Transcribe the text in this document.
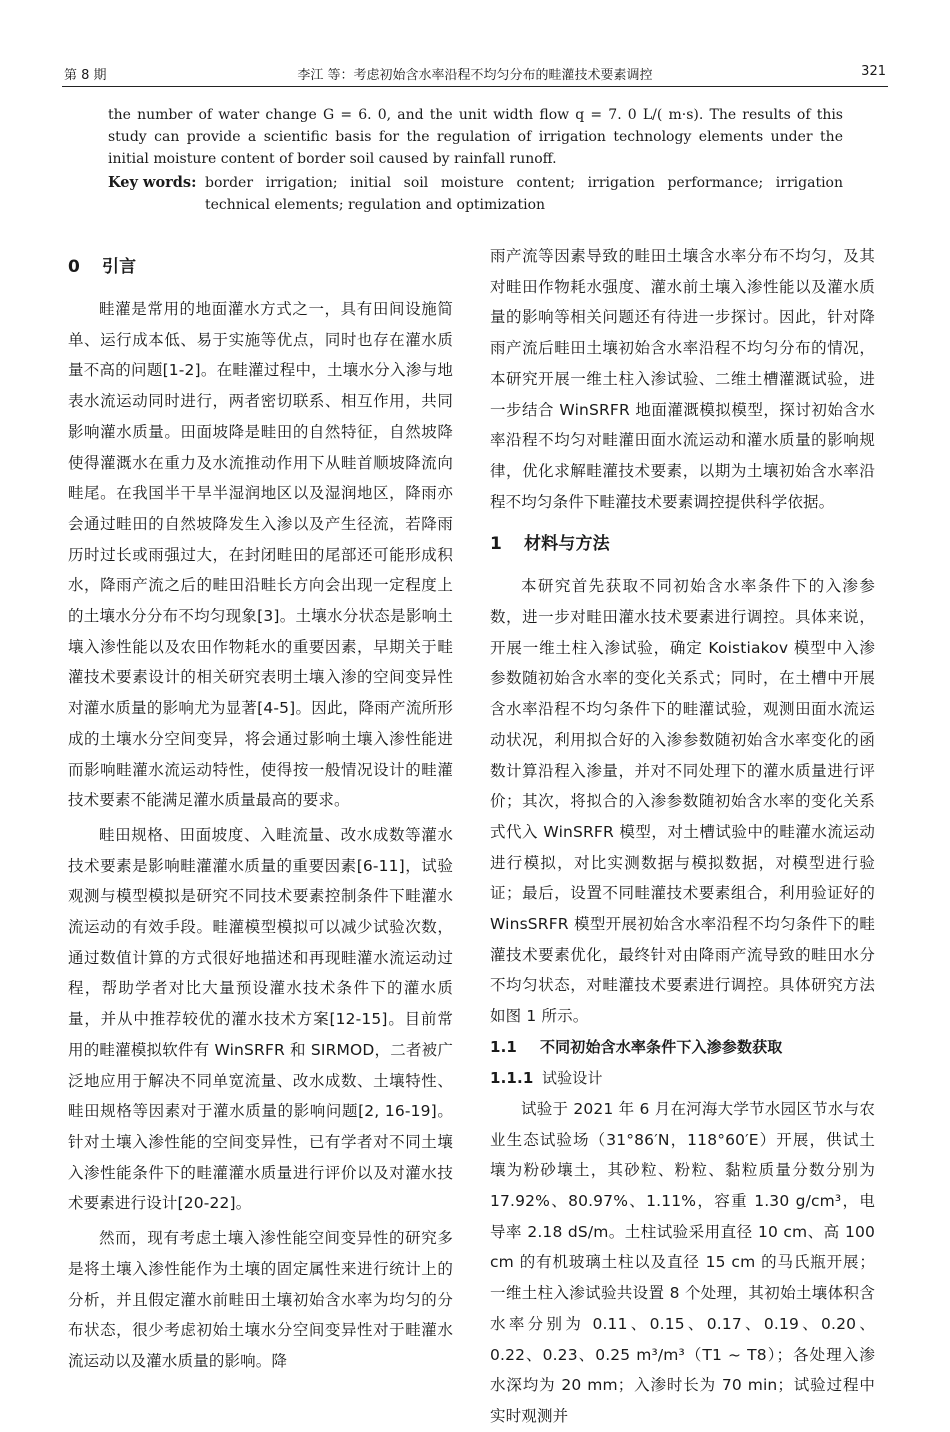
第 8 期	李江 等：考虑初始含水率沿程不均匀分布的畦灌技术要素调控	321

the number of water change G = 6. 0, and the unit width flow q = 7. 0 L/( m·s). The results of this study can provide a scientific basis for the regulation of irrigation technology elements under the initial moisture content of border soil caused by rainfall runoff.

Key words: border irrigation; initial soil moisture content; irrigation performance; irrigation technical elements; regulation and optimization
0 引言

畦灌是常用的地面灌水方式之一，具有田间设施简单、运行成本低、易于实施等优点，同时也存在灌水质量不高的问题[1-2]。在畦灌过程中，土壤水分入渗与地表水流运动同时进行，两者密切联系、相互作用，共同影响灌水质量。田面坡降是畦田的自然特征，自然坡降使得灌溉水在重力及水流推动作用下从畦首顺坡降流向畦尾。在我国半干旱半湿润地区以及湿润地区，降雨亦会通过畦田的自然坡降发生入渗以及产生径流，若降雨历时过长或雨强过大，在封闭畦田的尾部还可能形成积水，降雨产流之后的畦田沿畦长方向会出现一定程度上的土壤水分分布不均匀现象[3]。土壤水分状态是影响土壤入渗性能以及农田作物耗水的重要因素，早期关于畦灌技术要素设计的相关研究表明土壤入渗的空间变异性对灌水质量的影响尤为显著[4-5]。因此，降雨产流所形成的土壤水分空间变异，将会通过影响土壤入渗性能进而影响畦灌水流运动特性，使得按一般情况设计的畦灌技术要素不能满足灌水质量最高的要求。

畦田规格、田面坡度、入畦流量、改水成数等灌水技术要素是影响畦灌灌水质量的重要因素[6-11]，试验观测与模型模拟是研究不同技术要素控制条件下畦灌水流运动的有效手段。畦灌模型模拟可以减少试验次数，通过数值计算的方式很好地描述和再现畦灌水流运动过程，帮助学者对比大量预设灌水技术条件下的灌水质量，并从中推荐较优的灌水技术方案[12-15]。目前常用的畦灌模拟软件有 WinSRFR 和 SIRMOD，二者被广泛地应用于解决不同单宽流量、改水成数、土壤特性、畦田规格等因素对于灌水质量的影响问题[2, 16-19]。针对土壤入渗性能的空间变异性，已有学者对不同土壤入渗性能条件下的畦灌灌水质量进行评价以及对灌水技术要素进行设计[20-22]。

然而，现有考虑土壤入渗性能空间变异性的研究多是将土壤入渗性能作为土壤的固定属性来进行统计上的分析，并且假定灌水前畦田土壤初始含水率为均匀的分布状态，很少考虑初始土壤水分空间变异性对于畦灌水流运动以及灌水质量的影响。降

雨产流等因素导致的畦田土壤含水率分布不均匀，及其对畦田作物耗水强度、灌水前土壤入渗性能以及灌水质量的影响等相关问题还有待进一步探讨。因此，针对降雨产流后畦田土壤初始含水率沿程不均匀分布的情况，本研究开展一维土柱入渗试验、二维土槽灌溉试验，进一步结合 WinSRFR 地面灌溉模拟模型，探讨初始含水率沿程不均匀对畦灌田面水流运动和灌水质量的影响规律，优化求解畦灌技术要素，以期为土壤初始含水率沿程不均匀条件下畦灌技术要素调控提供科学依据。

1 材料与方法

本研究首先获取不同初始含水率条件下的入渗参数，进一步对畦田灌水技术要素进行调控。具体来说，开展一维土柱入渗试验，确定 Koistiakov 模型中入渗参数随初始含水率的变化关系式；同时，在土槽中开展含水率沿程不均匀条件下的畦灌试验，观测田面水流运动状况，利用拟合好的入渗参数随初始含水率变化的函数计算沿程入渗量，并对不同处理下的灌水质量进行评价；其次，将拟合的入渗参数随初始含水率的变化关系式代入 WinSRFR 模型，对土槽试验中的畦灌水流运动进行模拟，对比实测数据与模拟数据，对模型进行验证；最后，设置不同畦灌技术要素组合，利用验证好的 WinsSRFR 模型开展初始含水率沿程不均匀条件下的畦灌技术要素优化，最终针对由降雨产流导致的畦田水分不均匀状态，对畦灌技术要素进行调控。具体研究方法如图 1 所示。

1.1 不同初始含水率条件下入渗参数获取
1.1.1 试验设计

试验于 2021 年 6 月在河海大学节水园区节水与农业生态试验场（31°86′N，118°60′E）开展，供试土壤为粉砂壤土，其砂粒、粉粒、黏粒质量分数分别为 17.92%、80.97%、1.11%，容重 1.30 g/cm³，电导率 2.18 dS/m。土柱试验采用直径 10 cm、高 100 cm 的有机玻璃土柱以及直径 15 cm 的马氏瓶开展；一维土柱入渗试验共设置 8 个处理，其初始土壤体积含水率分别为 0.11、0.15、0.17、0.19、0.20、0.22、0.23、0.25 m³/m³（T1 ~ T8）；各处理入渗水深均为 20 mm；入渗时长为 70 min；试验过程中实时观测并
